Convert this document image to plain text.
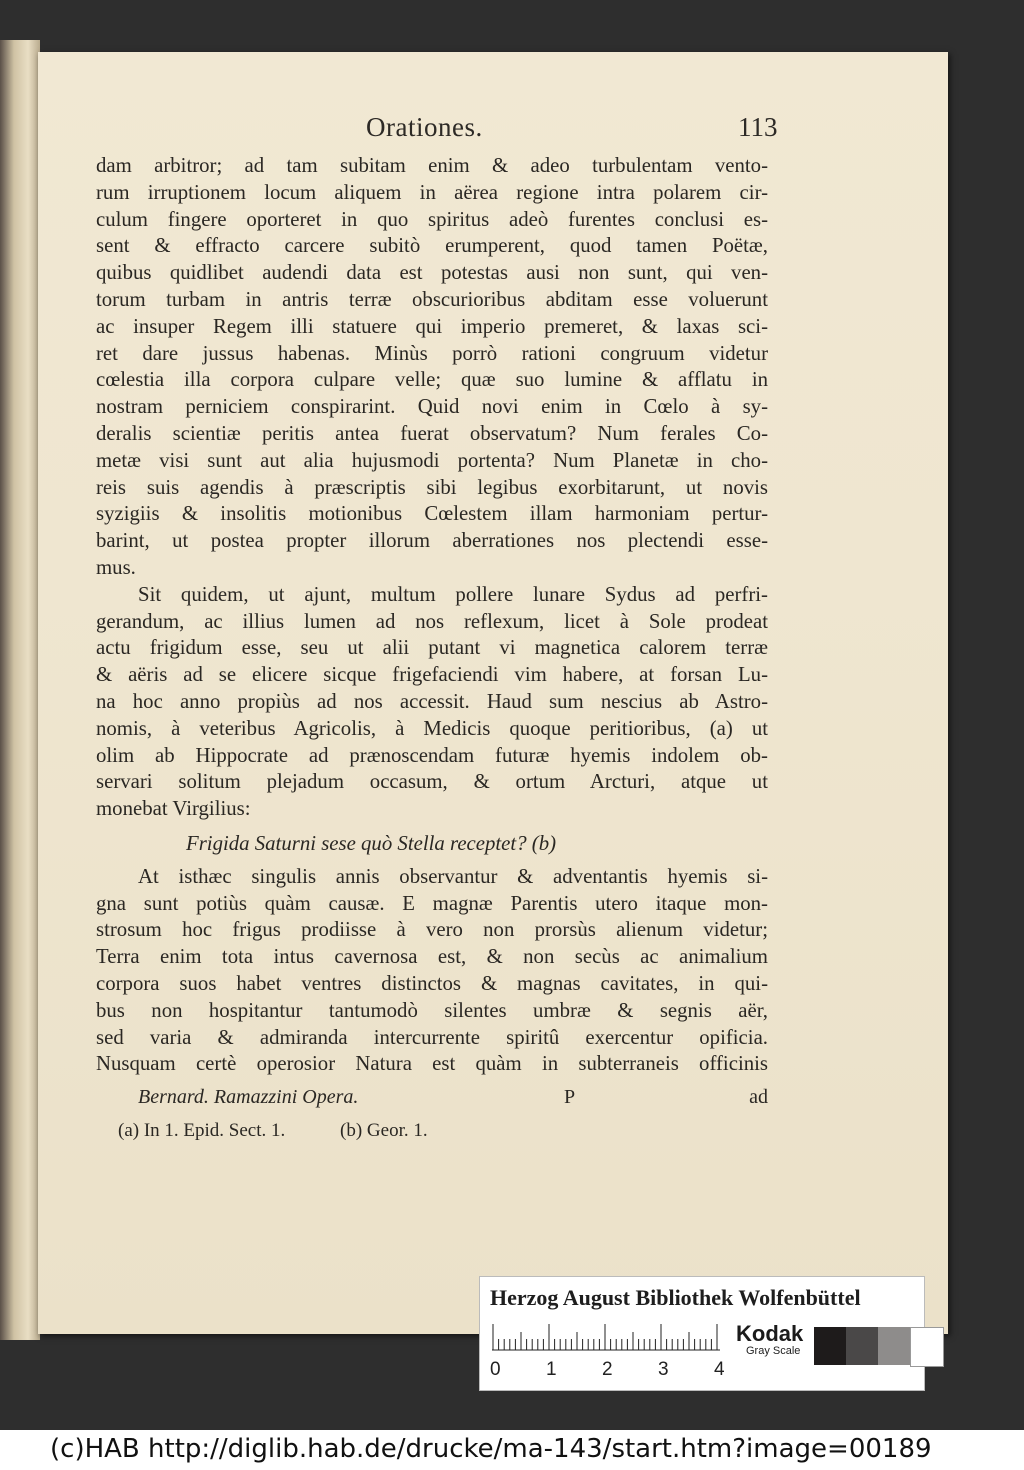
Orationes.	113
dam arbitror; ad tam subitam enim & adeo turbulentam vento-
rum irruptionem locum aliquem in aërea regione intra polarem cir-
culum fingere oporteret in quo spiritus adeò furentes conclusi es-
sent & effracto carcere subitò erumperent, quod tamen Poëtæ,
quibus quidlibet audendi data est potestas ausi non sunt, qui ven-
torum turbam in antris terræ obscurioribus abditam esse voluerunt
ac insuper Regem illi statuere qui imperio premeret, & laxas sci-
ret dare jussus habenas. Minùs porrò rationi congruum videtur
cœlestia illa corpora culpare velle; quæ suo lumine & afflatu in
nostram perniciem conspirarint. Quid novi enim in Cœlo à sy-
deralis scientiæ peritis antea fuerat observatum? Num ferales Co-
metæ visi sunt aut alia hujusmodi portenta? Num Planetæ in cho-
reis suis agendis à præscriptis sibi legibus exorbitarunt, ut novis
syzigiis & insolitis motionibus Cœlestem illam harmoniam pertur-
barint, ut postea propter illorum aberrationes nos plectendi esse-
mus.
Sit quidem, ut ajunt, multum pollere lunare Sydus ad perfri-
gerandum, ac illius lumen ad nos reflexum, licet à Sole prodeat
actu frigidum esse, seu ut alii putant vi magnetica calorem terræ
& aëris ad se elicere sicque frigefaciendi vim habere, at forsan Lu-
na hoc anno propiùs ad nos accessit. Haud sum nescius ab Astro-
nomis, à veteribus Agricolis, à Medicis quoque peritioribus, (a) ut
olim ab Hippocrate ad prænoscendam futuræ hyemis indolem ob-
servari solitum plejadum occasum, & ortum Arcturi, atque ut
monebat Virgilius:
Frigida Saturni sese quò Stella receptet? (b)
At isthæc singulis annis observantur & adventantis hyemis si-
gna sunt potiùs quàm causæ. E magnæ Parentis utero itaque mon-
strosum hoc frigus prodiisse à vero non prorsùs alienum videtur;
Terra enim tota intus cavernosa est, & non secùs ac animalium
corpora suos habet ventres distinctos & magnas cavitates, in qui-
bus non hospitantur tantumodò silentes umbræ & segnis aër,
sed varia & admiranda intercurrente spiritû exercentur opificia.
Nusquam certè operosior Natura est quàm in subterraneis officinis
Bernard. Ramazzini Opera.	P	ad
(a) In 1. Epid. Sect. 1.	(b) Geor. 1.
Herzog August Bibliothek Wolfenbüttel
0 1 2 3 4
Kodak
Gray Scale
(c)HAB http://diglib.hab.de/drucke/ma-143/start.htm?image=00189
